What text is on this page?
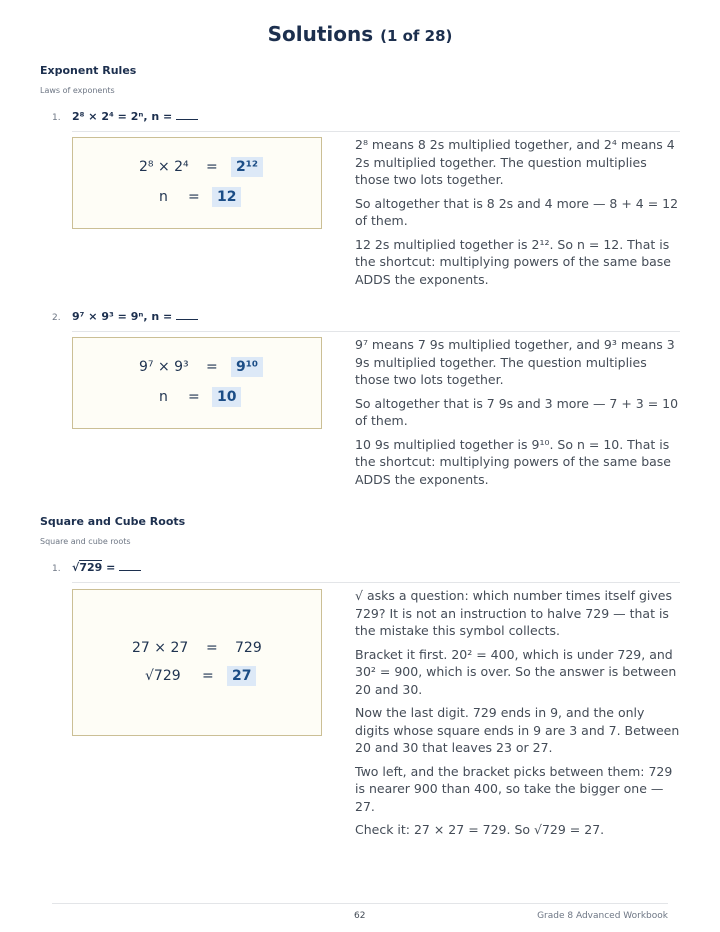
Solutions (1 of 28)
Exponent Rules
Laws of exponents
1. 2⁸ × 2⁴ = 2ⁿ, n =
2⁸ × 2⁴ =	2¹²
n =	12

2⁸ means 8 2s multiplied together, and 2⁴ means 4 2s multiplied together. The question multiplies those two lots together.

So altogether that is 8 2s and 4 more — 8 + 4 = 12 of them.

12 2s multiplied together is 2¹². So n = 12. That is the shortcut: multiplying powers of the same base ADDS the exponents.

2. 9⁷ × 9³ = 9ⁿ, n =
9⁷ × 9³ =	9¹⁰
n =	10

9⁷ means 7 9s multiplied together, and 9³ means 3 9s multiplied together. The question multiplies those two lots together.

So altogether that is 7 9s and 3 more — 7 + 3 = 10 of them.

10 9s multiplied together is 9¹⁰. So n = 10. That is the shortcut: multiplying powers of the same base ADDS the exponents.

Square and Cube Roots
Square and cube roots
1. √729 =
27 × 27 = 729
√729 =	27

√ asks a question: which number times itself gives 729? It is not an instruction to halve 729 — that is the mistake this symbol collects.

Bracket it first. 20² = 400, which is under 729, and 30² = 900, which is over. So the answer is between 20 and 30.

Now the last digit. 729 ends in 9, and the only digits whose square ends in 9 are 3 and 7. Between 20 and 30 that leaves 23 or 27.

Two left, and the bracket picks between them: 729 is nearer 900 than 400, so take the bigger one — 27.

Check it: 27 × 27 = 729. So √729 = 27.

62	Grade 8 Advanced Workbook
